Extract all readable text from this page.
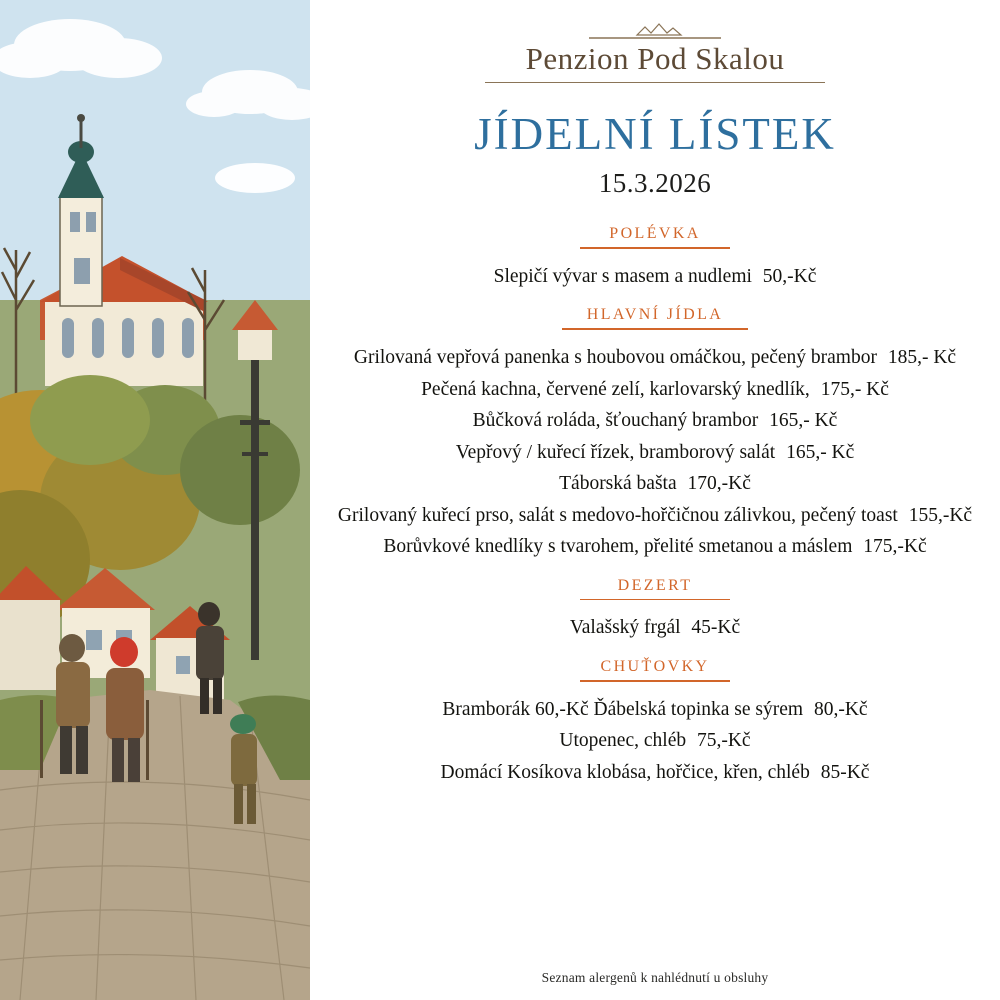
Penzion Pod Skalou
JÍDELNÍ LÍSTEK
15.3.2026
POLÉVKA
Slepičí vývar s masem a nudlemi 50,-Kč
HLAVNÍ JÍDLA
Grilovaná vepřová panenka s houbovou omáčkou, pečený brambor 185,- Kč
Pečená kachna, červené zelí, karlovarský knedlík, 175,- Kč
Bůčková roláda, šťouchaný brambor 165,- Kč
Vepřový / kuřecí řízek, bramborový salát 165,- Kč
Táborská bašta 170,-Kč
Grilovaný kuřecí prso, salát s medovo-hořčičnou zálivkou, pečený toast 155,-Kč
Borůvkové knedlíky s tvarohem, přelité smetanou a máslem 175,-Kč
DEZERT
Valašský frgál 45-Kč
CHUŤOVKY
Bramborák 60,-Kč Ďábelská topinka se sýrem 80,-Kč
Utopenec, chléb 75,-Kč
Domácí Kosíkova klobása, hořčice, křen, chléb 85-Kč
Seznam alergenů k nahlédnutí u obsluhy
